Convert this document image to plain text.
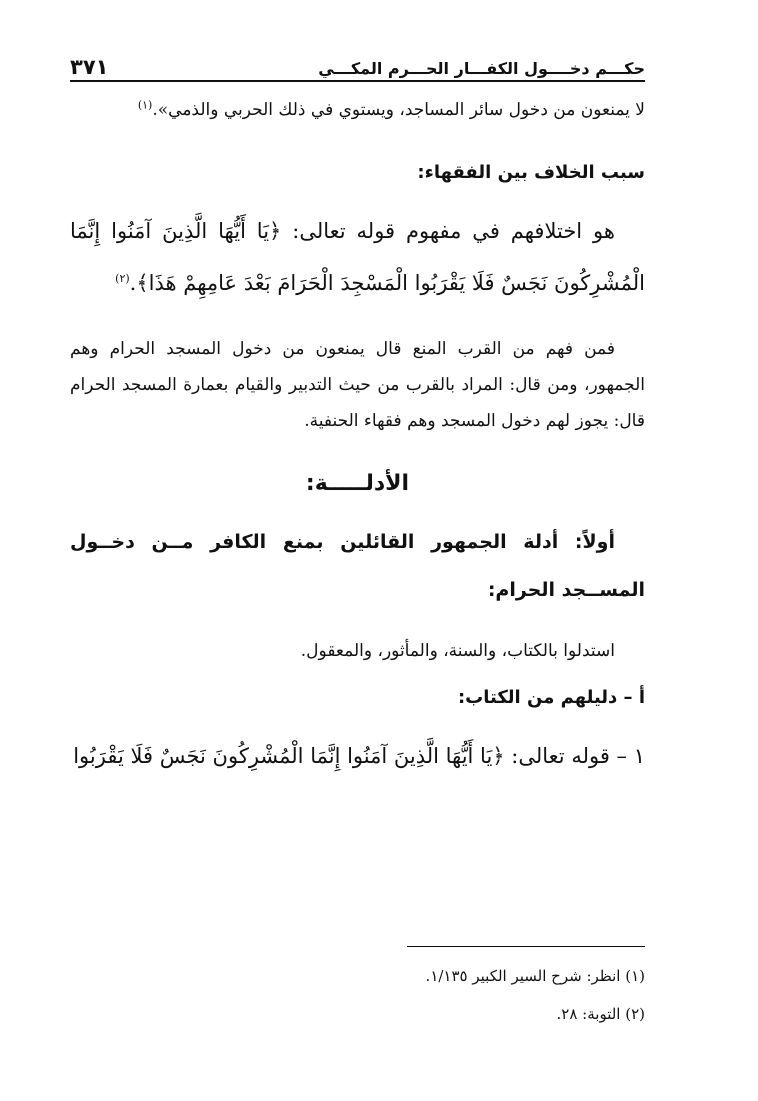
حكـــم دخــــول الكفـــار الحـــرم المكـــي
٣٧١

لا يمنعون من دخول سائر المساجد، ويستوي في ذلك الحربي والذمي».$^{(١)}$

سبب الخلاف بين الفقهاء:

هو اختلافهم في مفهوم قوله تعالى: ﴿يَا أَيُّهَا الَّذِينَ آمَنُوا إِنَّمَا الْمُشْرِكُونَ نَجَسٌ فَلَا يَقْرَبُوا الْمَسْجِدَ الْحَرَامَ بَعْدَ عَامِهِمْ هَذَا﴾.$^{(٢)}$

فمن فهم من القرب المنع قال يمنعون من دخول المسجد الحرام وهم الجمهور، ومن قال: المراد بالقرب من حيث التدبير والقيام بعمارة المسجد الحرام قال: يجوز لهم دخول المسجد وهم فقهاء الحنفية.

الأدلـــــة:

أولاً: أدلة الجمهور القائلين بمنع الكافر مــن دخــول المســجد الحرام:

استدلوا بالكتاب، والسنة، والمأثور، والمعقول.

أ – دليلهم من الكتاب:

١ – قوله تعالى: ﴿يَا أَيُّهَا الَّذِينَ آمَنُوا إِنَّمَا الْمُشْرِكُونَ نَجَسٌ فَلَا يَقْرَبُوا

(١) انظر: شرح السير الكبير ١/١٣٥.

(٢) التوبة: ٢٨.
